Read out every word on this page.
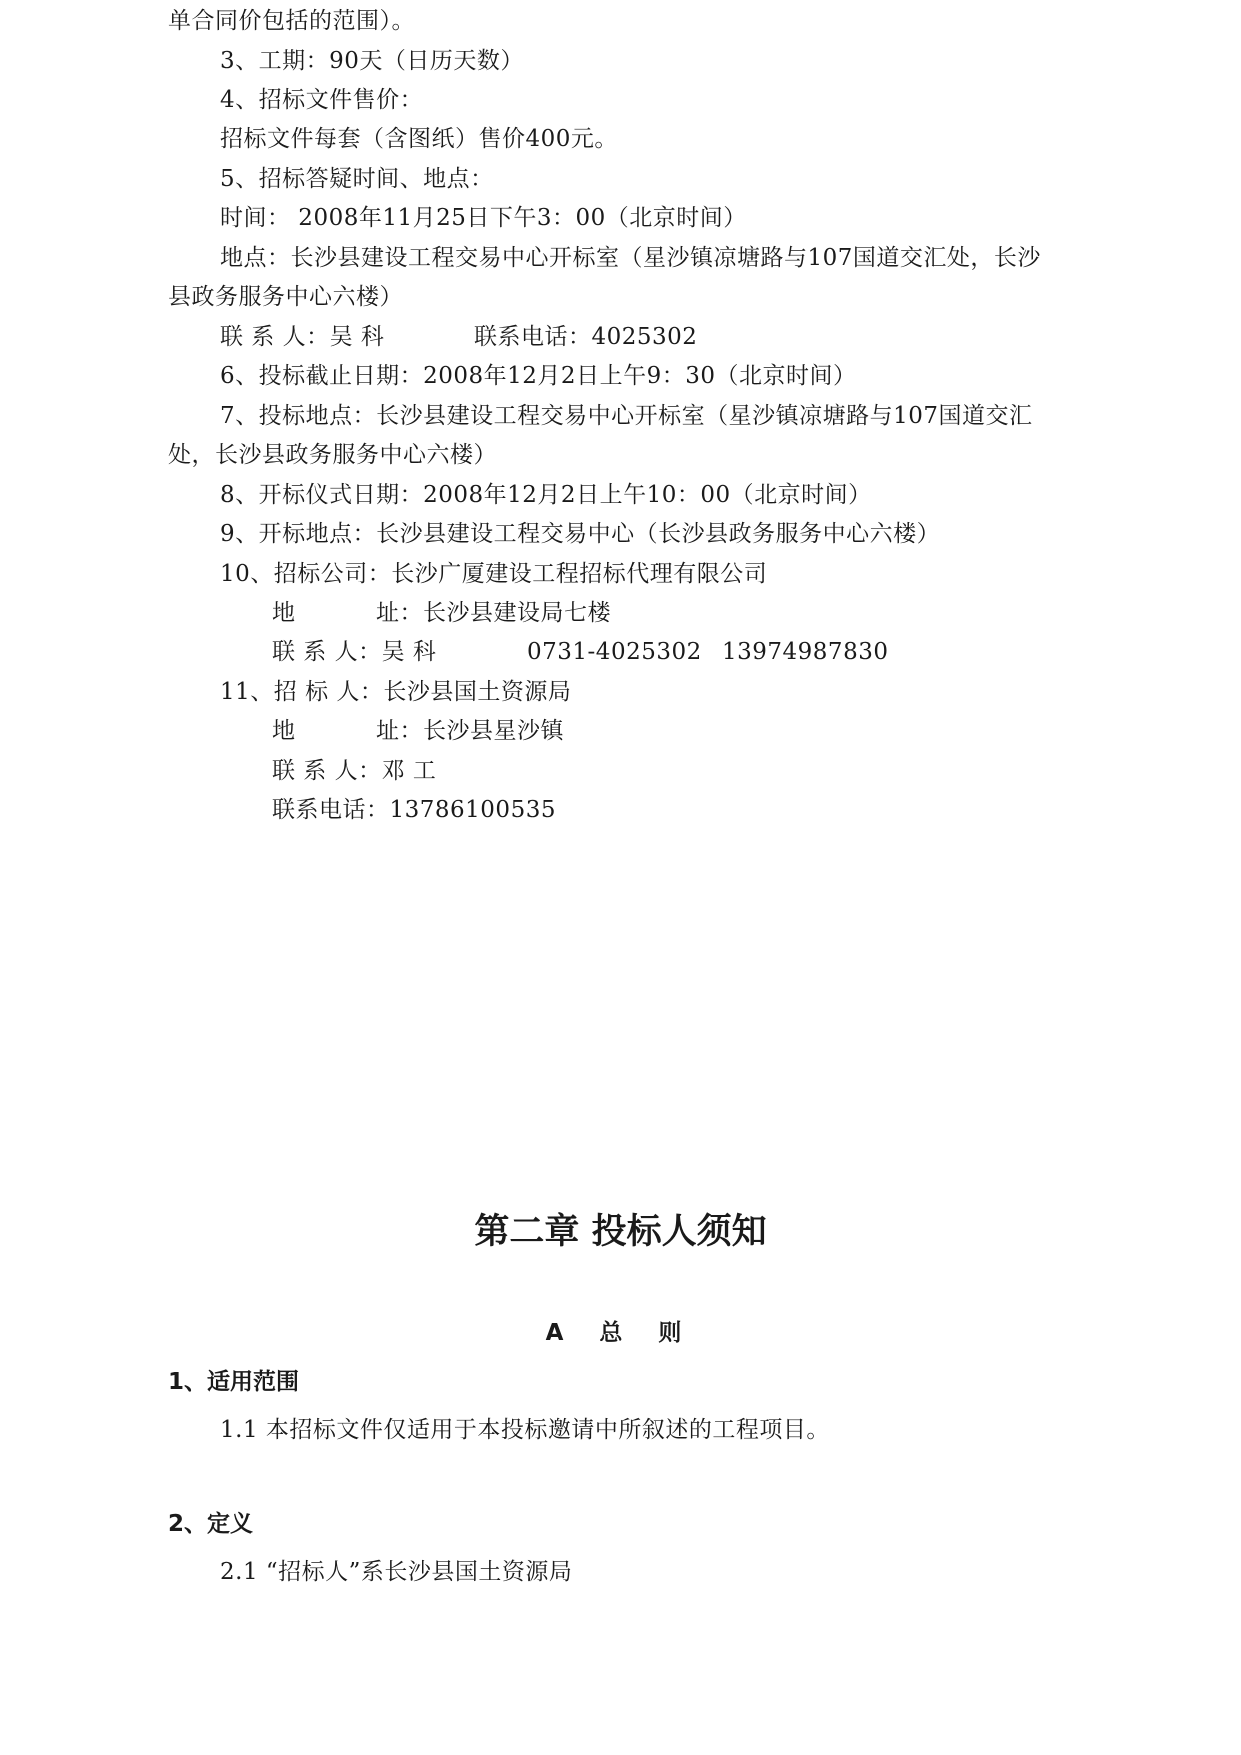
单合同价包括的范围）。
3、工期：90天（日历天数）
4、招标文件售价：
招标文件每套（含图纸）售价400元。
5、招标答疑时间、地点：
时间： 2008年11月25日下午3：00（北京时间）
地点：长沙县建设工程交易中心开标室（星沙镇凉塘路与107国道交汇处，长沙
县政务服务中心六楼）
联 系 人：吴 科	联系电话：4025302
6、投标截止日期：2008年12月2日上午9：30（北京时间）
7、投标地点：长沙县建设工程交易中心开标室（星沙镇凉塘路与107国道交汇
处，长沙县政务服务中心六楼）
8、开标仪式日期：2008年12月2日上午10：00（北京时间）
9、开标地点：长沙县建设工程交易中心（长沙县政务服务中心六楼）
10、招标公司：长沙广厦建设工程招标代理有限公司
地	址：长沙县建设局七楼
联 系 人：吴 科	0731-4025302 13974987830
11、招 标 人：长沙县国土资源局
地	址：长沙县星沙镇
联 系 人：邓 工
联系电话：13786100535
第二章 投标人须知
A 总 则
1、适用范围
1.1 本招标文件仅适用于本投标邀请中所叙述的工程项目。
2、定义
2.1 “招标人”系长沙县国土资源局
